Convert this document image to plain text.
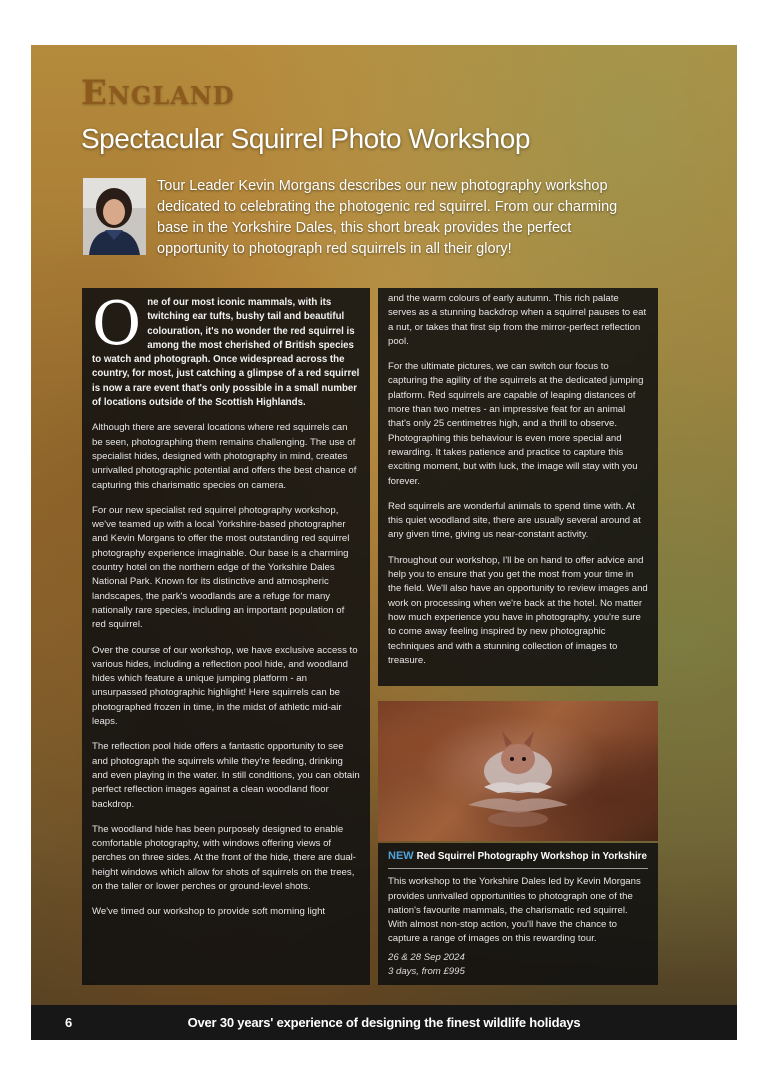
England
Spectacular Squirrel Photo Workshop

Tour Leader Kevin Morgans describes our new photography workshop dedicated to celebrating the photogenic red squirrel. From our charming base in the Yorkshire Dales, this short break provides the perfect opportunity to photograph red squirrels in all their glory!

One of our most iconic mammals, with its twitching ear tufts, bushy tail and beautiful colouration, it's no wonder the red squirrel is among the most cherished of British species to watch and photograph. Once widespread across the country, for most, just catching a glimpse of a red squirrel is now a rare event that's only possible in a small number of locations outside of the Scottish Highlands.

Although there are several locations where red squirrels can be seen, photographing them remains challenging. The use of specialist hides, designed with photography in mind, creates unrivalled photographic potential and offers the best chance of capturing this charismatic species on camera.

For our new specialist red squirrel photography workshop, we've teamed up with a local Yorkshire-based photographer and Kevin Morgans to offer the most outstanding red squirrel photography experience imaginable. Our base is a charming country hotel on the northern edge of the Yorkshire Dales National Park. Known for its distinctive and atmospheric landscapes, the park's woodlands are a refuge for many nationally rare species, including an important population of red squirrel.

Over the course of our workshop, we have exclusive access to various hides, including a reflection pool hide, and woodland hides which feature a unique jumping platform - an unsurpassed photographic highlight! Here squirrels can be photographed frozen in time, in the midst of athletic mid-air leaps.

The reflection pool hide offers a fantastic opportunity to see and photograph the squirrels while they're feeding, drinking and even playing in the water. In still conditions, you can obtain perfect reflection images against a clean woodland floor backdrop.

The woodland hide has been purposely designed to enable comfortable photography, with windows offering views of perches on three sides. At the front of the hide, there are dual-height windows which allow for shots of squirrels on the trees, on the taller or lower perches or ground-level shots.

We've timed our workshop to provide soft morning light

and the warm colours of early autumn. This rich palate serves as a stunning backdrop when a squirrel pauses to eat a nut, or takes that first sip from the mirror-perfect reflection pool.

For the ultimate pictures, we can switch our focus to capturing the agility of the squirrels at the dedicated jumping platform. Red squirrels are capable of leaping distances of more than two metres - an impressive feat for an animal that's only 25 centimetres high, and a thrill to observe. Photographing this behaviour is even more special and rewarding. It takes patience and practice to capture this exciting moment, but with luck, the image will stay with you forever.

Red squirrels are wonderful animals to spend time with. At this quiet woodland site, there are usually several around at any given time, giving us near-constant activity.

Throughout our workshop, I'll be on hand to offer advice and help you to ensure that you get the most from your time in the field. We'll also have an opportunity to review images and work on processing when we're back at the hotel. No matter how much experience you have in photography, you're sure to come away feeling inspired by new photographic techniques and with a stunning collection of images to treasure.

NEW Red Squirrel Photography Workshop in Yorkshire

This workshop to the Yorkshire Dales led by Kevin Morgans provides unrivalled opportunities to photograph one of the nation's favourite mammals, the charismatic red squirrel. With almost non-stop action, you'll have the chance to capture a range of images on this rewarding tour.

26 & 28 Sep 2024
3 days, from £995
6	Over 30 years' experience of designing the finest wildlife holidays
